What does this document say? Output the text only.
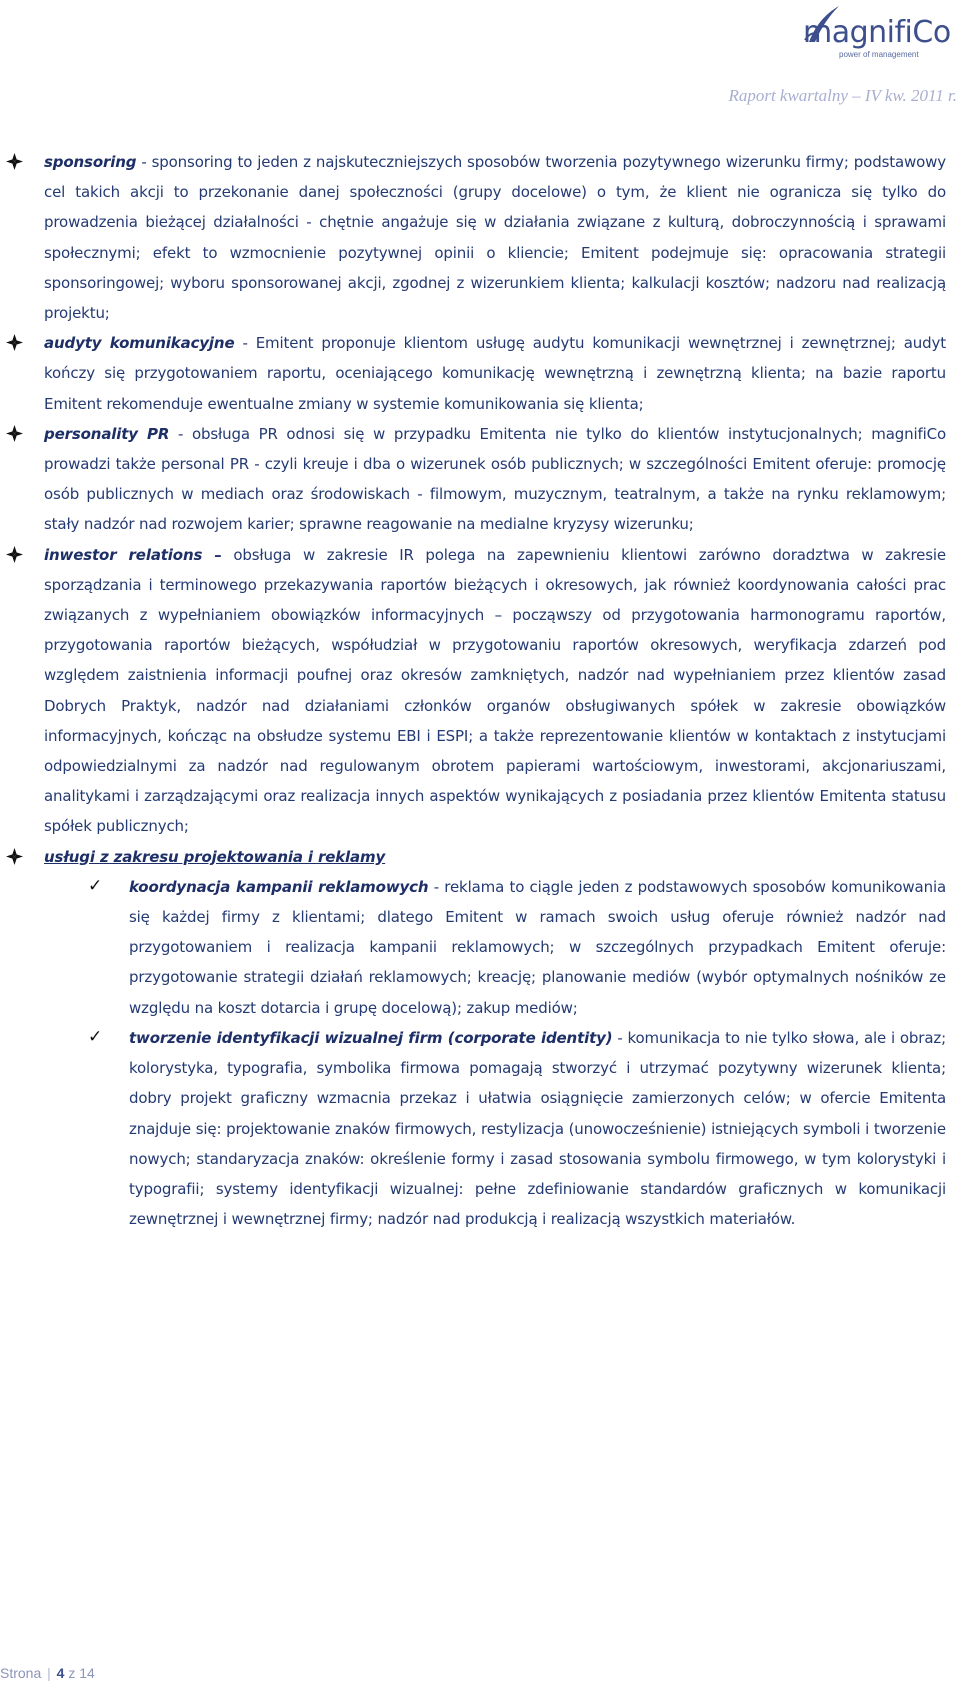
magnifiCo
power of management
Raport kwartalny – IV kw. 2011 r.

sponsoring - sponsoring to jeden z najskuteczniejszych sposobów tworzenia pozytywnego wizerunku firmy; podstawowy cel takich akcji to przekonanie danej społeczności (grupy docelowe) o tym, że klient nie ogranicza się tylko do prowadzenia bieżącej działalności - chętnie angażuje się w działania związane z kulturą, dobroczynnością i sprawami społecznymi; efekt to wzmocnienie pozytywnej opinii o kliencie; Emitent podejmuje się: opracowania strategii sponsoringowej; wyboru sponsorowanej akcji, zgodnej z wizerunkiem klienta; kalkulacji kosztów; nadzoru nad realizacją projektu;

audyty komunikacyjne - Emitent proponuje klientom usługę audytu komunikacji wewnętrznej i zewnętrznej; audyt kończy się przygotowaniem raportu, oceniającego komunikację wewnętrzną i zewnętrzną klienta; na bazie raportu Emitent rekomenduje ewentualne zmiany w systemie komunikowania się klienta;

personality PR - obsługa PR odnosi się w przypadku Emitenta nie tylko do klientów instytucjonalnych; magnifiCo prowadzi także personal PR - czyli kreuje i dba o wizerunek osób publicznych; w szczególności Emitent oferuje: promocję osób publicznych w mediach oraz środowiskach - filmowym, muzycznym, teatralnym, a także na rynku reklamowym; stały nadzór nad rozwojem karier; sprawne reagowanie na medialne kryzysy wizerunku;

inwestor relations – obsługa w zakresie IR polega na zapewnieniu klientowi zarówno doradztwa w zakresie sporządzania i terminowego przekazywania raportów bieżących i okresowych, jak również koordynowania całości prac związanych z wypełnianiem obowiązków informacyjnych – począwszy od przygotowania harmonogramu raportów, przygotowania raportów bieżących, współudział w przygotowaniu raportów okresowych, weryfikacja zdarzeń pod względem zaistnienia informacji poufnej oraz okresów zamkniętych, nadzór nad wypełnianiem przez klientów zasad Dobrych Praktyk, nadzór nad działaniami członków organów obsługiwanych spółek w zakresie obowiązków informacyjnych, kończąc na obsłudze systemu EBI i ESPI; a także reprezentowanie klientów w kontaktach z instytucjami odpowiedzialnymi za nadzór nad regulowanym obrotem papierami wartościowym, inwestorami, akcjonariuszami, analitykami i zarządzającymi oraz realizacja innych aspektów wynikających z posiadania przez klientów Emitenta statusu spółek publicznych;

usługi z zakresu projektowania i reklamy

✓ koordynacja kampanii reklamowych - reklama to ciągle jeden z podstawowych sposobów komunikowania się każdej firmy z klientami; dlatego Emitent w ramach swoich usług oferuje również nadzór nad przygotowaniem i realizacja kampanii reklamowych; w szczególnych przypadkach Emitent oferuje: przygotowanie strategii działań reklamowych; kreację; planowanie mediów (wybór optymalnych nośników ze względu na koszt dotarcia i grupę docelową); zakup mediów;

✓ tworzenie identyfikacji wizualnej firm (corporate identity) - komunikacja to nie tylko słowa, ale i obraz; kolorystyka, typografia, symbolika firmowa pomagają stworzyć i utrzymać pozytywny wizerunek klienta; dobry projekt graficzny wzmacnia przekaz i ułatwia osiągnięcie zamierzonych celów; w ofercie Emitenta znajduje się: projektowanie znaków firmowych, restylizacja (unowocześnienie) istniejących symboli i tworzenie nowych; standaryzacja znaków: określenie formy i zasad stosowania symbolu firmowego, w tym kolorystyki i typografii; systemy identyfikacji wizualnej: pełne zdefiniowanie standardów graficznych w komunikacji zewnętrznej i wewnętrznej firmy; nadzór nad produkcją i realizacją wszystkich materiałów.

Strona | 4 z 14
